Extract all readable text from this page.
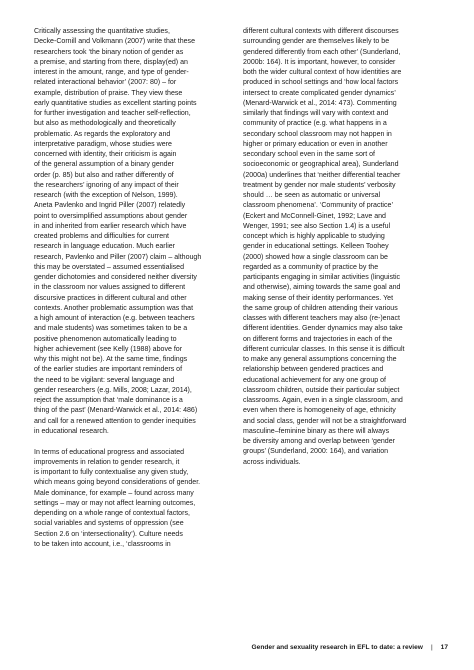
Critically assessing the quantitative studies,
Decke-Cornill and Volkmann (2007) write that these
researchers took ‘the binary notion of gender as
a premise, and starting from there, display(ed) an
interest in the amount, range, and type of gender-
related interactional behavior’ (2007: 80) – for
example, distribution of praise. They view these
early quantitative studies as excellent starting points
for further investigation and teacher self-reflection,
but also as methodologically and theoretically
problematic. As regards the exploratory and
interpretative paradigm, whose studies were
concerned with identity, their criticism is again
of the general assumption of a binary gender
order (p. 85) but also and rather differently of
the researchers’ ignoring of any impact of their
research (with the exception of Nelson, 1999).
Aneta Pavlenko and Ingrid Piller (2007) relatedly
point to oversimplified assumptions about gender
in and inherited from earlier research which have
created problems and difficulties for current
research in language education. Much earlier
research, Pavlenko and Piller (2007) claim – although
this may be overstated – assumed essentialised
gender dichotomies and considered neither diversity
in the classroom nor values assigned to different
discursive practices in different cultural and other
contexts. Another problematic assumption was that
a high amount of interaction (e.g. between teachers
and male students) was sometimes taken to be a
positive phenomenon automatically leading to
higher achievement (see Kelly (1988) above for
why this might not be). At the same time, findings
of the earlier studies are important reminders of
the need to be vigilant: several language and
gender researchers (e.g. Mills, 2008; Lazar, 2014),
reject the assumption that ‘male dominance is a
thing of the past’ (Menard-Warwick et al., 2014: 486)
and call for a renewed attention to gender inequities
in educational research.
In terms of educational progress and associated
improvements in relation to gender research, it
is important to fully contextualise any given study,
which means going beyond considerations of gender.
Male dominance, for example – found across many
settings – may or may not affect learning outcomes,
depending on a whole range of contextual factors,
social variables and systems of oppression (see
Section 2.6 on ‘intersectionality’). Culture needs
to be taken into account, i.e., ‘classrooms in
different cultural contexts with different discourses
surrounding gender are themselves likely to be
gendered differently from each other’ (Sunderland,
2000b: 164). It is important, however, to consider
both the wider cultural context of how identities are
produced in school settings and ‘how local factors
intersect to create complicated gender dynamics’
(Menard-Warwick et al., 2014: 473). Commenting
similarly that findings will vary with context and
community of practice (e.g. what happens in a
secondary school classroom may not happen in
higher or primary education or even in another
secondary school even in the same sort of
socioeconomic or geographical area), Sunderland
(2000a) underlines that ‘neither differential teacher
treatment by gender nor male students’ verbosity
should … be seen as automatic or universal
classroom phenomena’. ‘Community of practice’
(Eckert and McConnell-Ginet, 1992; Lave and
Wenger, 1991; see also Section 1.4) is a useful
concept which is highly applicable to studying
gender in educational settings. Kelleen Toohey
(2000) showed how a single classroom can be
regarded as a community of practice by the
participants engaging in similar activities (linguistic
and otherwise), aiming towards the same goal and
making sense of their identity performances. Yet
the same group of children attending their various
classes with different teachers may also (re-)enact
different identities. Gender dynamics may also take
on different forms and trajectories in each of the
different curricular classes. In this sense it is difficult
to make any general assumptions concerning the
relationship between gendered practices and
educational achievement for any one group of
classroom children, outside their particular subject
classrooms. Again, even in a single classroom, and
even when there is homogeneity of age, ethnicity
and social class, gender will not be a straightforward
masculine–feminine binary as there will always
be diversity among and overlap between ‘gender
groups’ (Sunderland, 2000: 164), and variation
across individuals.
Gender and sexuality research in EFL to date: a review | 17
